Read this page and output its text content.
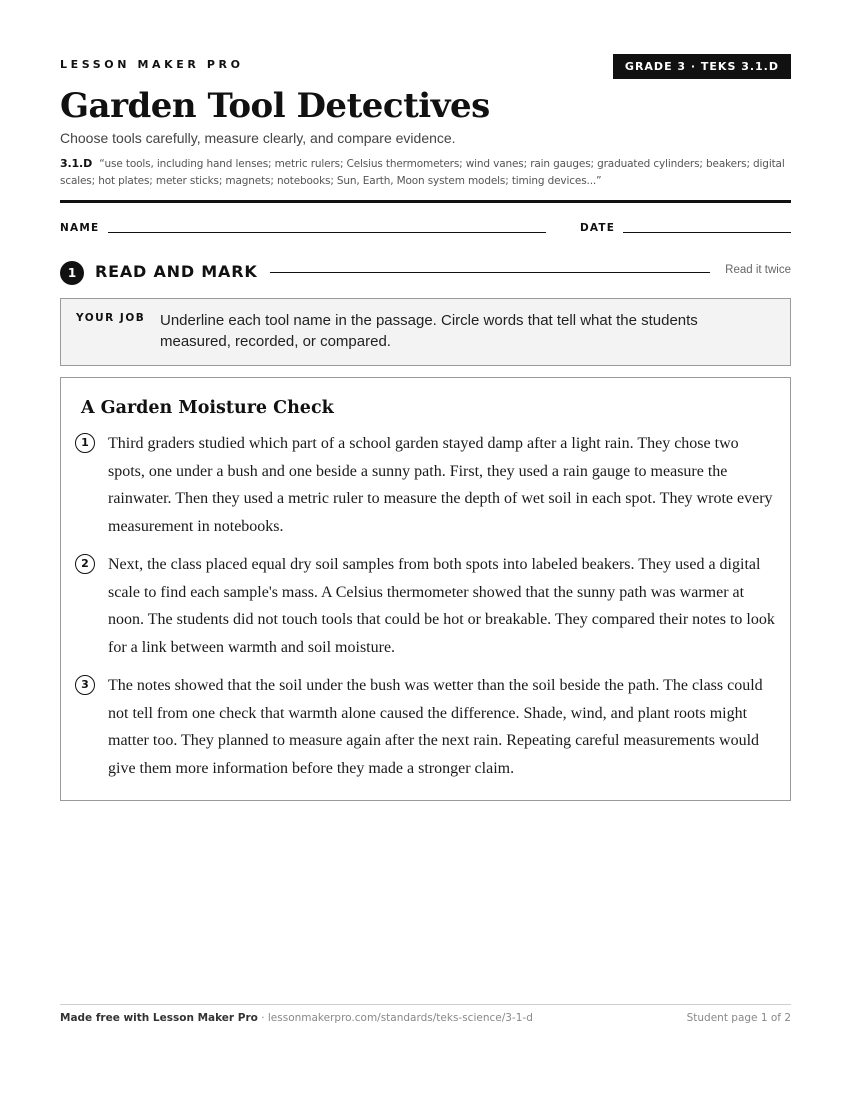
LESSON MAKER PRO	GRADE 3 · TEKS 3.1.D
Garden Tool Detectives
Choose tools carefully, measure clearly, and compare evidence.
3.1.D “use tools, including hand lenses; metric rulers; Celsius thermometers; wind vanes; rain gauges; graduated cylinders; beakers; digital scales; hot plates; meter sticks; magnets; notebooks; Sun, Earth, Moon system models; timing devices...”
NAME	DATE
1	READ AND MARK	Read it twice
YOUR JOB Underline each tool name in the passage. Circle words that tell what the students measured, recorded, or compared.
A Garden Moisture Check
1	Third graders studied which part of a school garden stayed damp after a light rain. They chose two spots, one under a bush and one beside a sunny path. First, they used a rain gauge to measure the rainwater. Then they used a metric ruler to measure the depth of wet soil in each spot. They wrote every measurement in notebooks.

2	Next, the class placed equal dry soil samples from both spots into labeled beakers. They used a digital scale to find each sample's mass. A Celsius thermometer showed that the sunny path was warmer at noon. The students did not touch tools that could be hot or breakable. They compared their notes to look for a link between warmth and soil moisture.

3	The notes showed that the soil under the bush was wetter than the soil beside the path. The class could not tell from one check that warmth alone caused the difference. Shade, wind, and plant roots might matter too. They planned to measure again after the next rain. Repeating careful measurements would give them more information before they made a stronger claim.

Made free with Lesson Maker Pro · lessonmakerpro.com/standards/teks-science/3-1-d	Student page 1 of 2
